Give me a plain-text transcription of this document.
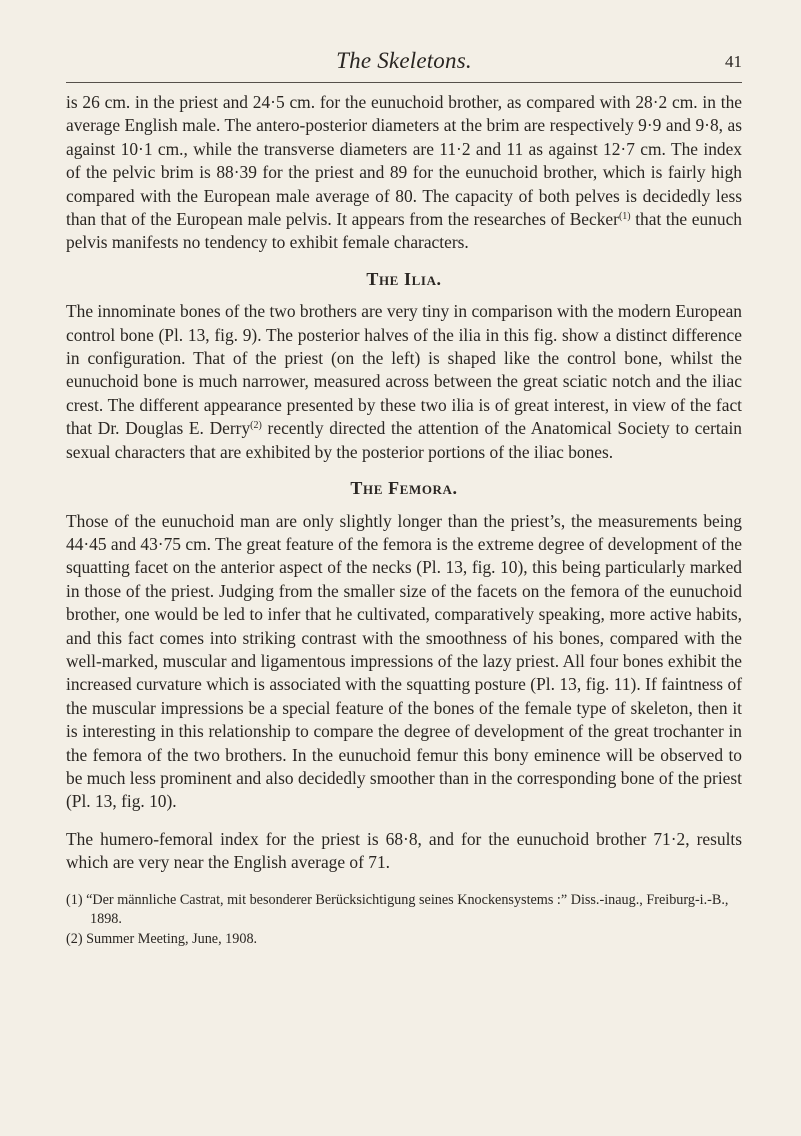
The Skeletons.	41

is 26 cm. in the priest and 24·5 cm. for the eunuchoid brother, as compared with 28·2 cm. in the average English male. The antero-posterior diameters at the brim are respectively 9·9 and 9·8, as against 10·1 cm., while the transverse diameters are 11·2 and 11 as against 12·7 cm. The index of the pelvic brim is 88·39 for the priest and 89 for the eunuchoid brother, which is fairly high compared with the European male average of 80. The capacity of both pelves is decidedly less than that of the European male pelvis. It appears from the researches of Becker$^{(1)}$ that the eunuch pelvis manifests no tendency to exhibit female characters.

The Ilia.

The innominate bones of the two brothers are very tiny in comparison with the modern European control bone (Pl. 13, fig. 9). The posterior halves of the ilia in this fig. show a distinct difference in configuration. That of the priest (on the left) is shaped like the control bone, whilst the eunuchoid bone is much narrower, measured across between the great sciatic notch and the iliac crest. The different appearance presented by these two ilia is of great interest, in view of the fact that Dr. Douglas E. Derry$^{(2)}$ recently directed the attention of the Anatomical Society to certain sexual characters that are exhibited by the posterior portions of the iliac bones.

The Femora.

Those of the eunuchoid man are only slightly longer than the priest’s, the measurements being 44·45 and 43·75 cm. The great feature of the femora is the extreme degree of development of the squatting facet on the anterior aspect of the necks (Pl. 13, fig. 10), this being particularly marked in those of the priest. Judging from the smaller size of the facets on the femora of the eunuchoid brother, one would be led to infer that he cultivated, comparatively speaking, more active habits, and this fact comes into striking contrast with the smoothness of his bones, compared with the well-marked, muscular and ligamentous impressions of the lazy priest. All four bones exhibit the increased curvature which is associated with the squatting posture (Pl. 13, fig. 11). If faintness of the muscular impressions be a special feature of the bones of the female type of skeleton, then it is interesting in this relationship to compare the degree of development of the great trochanter in the femora of the two brothers. In the eunuchoid femur this bony eminence will be observed to be much less prominent and also decidedly smoother than in the corresponding bone of the priest (Pl. 13, fig. 10).

The humero-femoral index for the priest is 68·8, and for the eunuchoid brother 71·2, results which are very near the English average of 71.

(1) “Der männliche Castrat, mit besonderer Berücksichtigung seines Knockensystems :” Diss.-inaug., Freiburg-i.-B., 1898.

(2) Summer Meeting, June, 1908.
